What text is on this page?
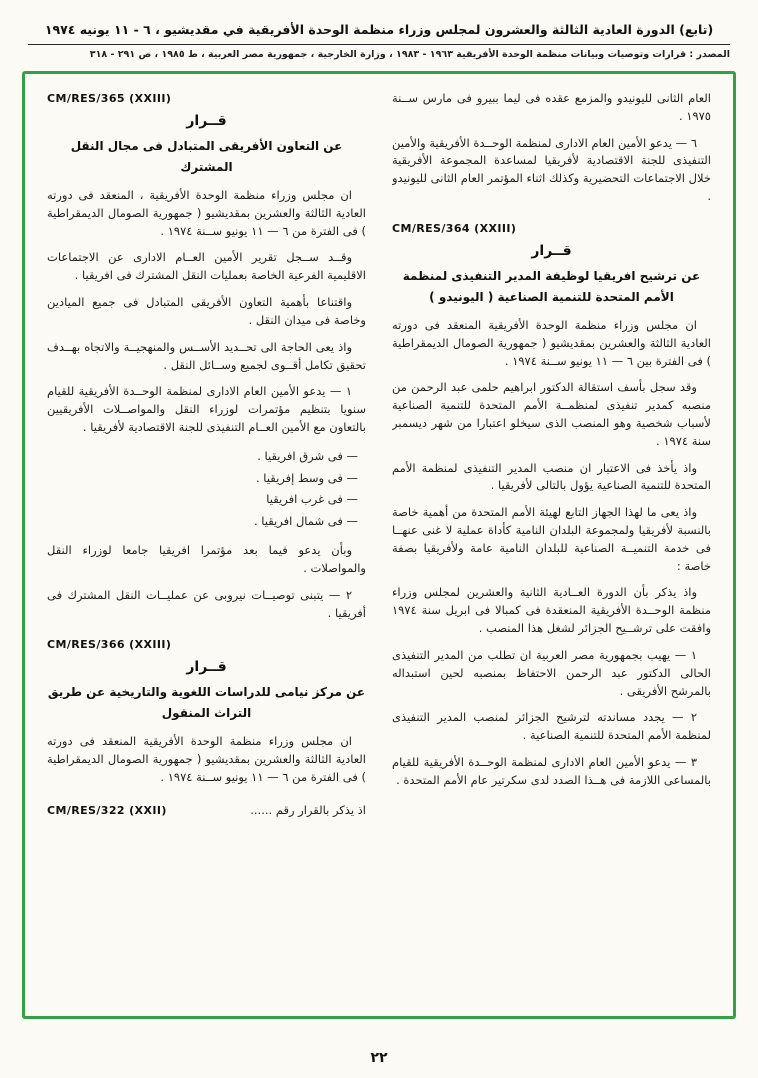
(تابع) الدورة العادية الثالثة والعشرون لمجلس وزراء منظمة الوحدة الأفريقية في مقديشيو ، ٦ - ١١ يونيه ١٩٧٤
المصدر : قرارات وتوصيات وبيانات منظمة الوحدة الأفريقية ١٩٦٣ - ١٩٨٣ ، وزارة الخارجية ، جمهورية مصر العربية ، ط ١٩٨٥ ، ص ٢٩١ - ٣١٨

العام الثانى لليونيدو والمزمع عقده فى ليما ببيرو فى مارس ســنة ١٩٧٥ .

٦ — يدعو الأمين العام الادارى لمنظمة الوحــدة الأفريقية والأمين التنفيذى للجنة الاقتصادية لأفريقيا لمساعدة المجموعة الأفريقية خلال الاجتماعات التحضيرية وكذلك اثناء المؤتمر العام الثانى لليونيدو .

CM/RES/364 (XXIII)
قــرار
عن ترشيح افريقيا لوظيفة المدير التنفيذى لمنظمة الأمم المتحدة للتنمية الصناعية ( اليونيدو )

ان مجلس وزراء منظمة الوحدة الأفريقية المنعقد فى دورته العادية الثالثة والعشرين بمقديشيو ( جمهورية الصومال الديمقراطية ) فى الفترة بين ٦ — ١١ يونيو ســنة ١٩٧٤ .

وقد سجل بأسف استقالة الدكتور ابراهيم حلمى عبد الرحمن من منصبه كمدير تنفيذى لمنظمــة الأمم المتحدة للتنمية الصناعية لأسباب شخصية وهو المنصب الذى سيخلو اعتبارا من شهر ديسمبر سنة ١٩٧٤ .

واذ يأخذ فى الاعتبار ان منصب المدير التنفيذى لمنظمة الأمم المتحدة للتنمية الصناعية يؤول بالتالى لأفريقيا .

واذ يعى ما لهذا الجهاز التابع لهيئة الأمم المتحدة من أهمية خاصة بالنسبة لأفريقيا ولمجموعة البلدان النامية كأداة عملية لا غنى عنهــا فى خدمة التنميــة الصناعية للبلدان النامية عامة ولأفريقيا بصفة خاصة :

واذ يذكر بأن الدورة العــادية الثانية والعشرين لمجلس وزراء منظمة الوحــدة الأفريقية المنعقدة فى كمبالا فى ابريل سنة ١٩٧٤ وافقت على ترشــيح الجزائر لشغل هذا المنصب .

١ — يهيب بجمهورية مصر العربية ان تطلب من المدير التنفيذى الحالى الدكتور عبد الرحمن الاحتفاظ بمنصبه لحين استبداله بالمرشح الأفريقى .

٢ — يجدد مساندته لترشيح الجزائر لمنصب المدير التنفيذى لمنظمة الأمم المتحدة للتنمية الصناعية .

٣ — يدعو الأمين العام الادارى لمنظمة الوحــدة الأفريقية للقيام بالمساعى اللازمة فى هــذا الصدد لدى سكرتير عام الأمم المتحدة .

CM/RES/365 (XXIII)
قــرار
عن التعاون الأفريقى المتبادل فى مجال النقل المشترك

ان مجلس وزراء منظمة الوحدة الأفريقية ، المنعقد فى دورته العادية الثالثة والعشرين بمقديشيو ( جمهورية الصومال الديمقراطية ) فى الفترة من ٦ — ١١ يونيو ســنة ١٩٧٤ .

وقــد ســجل تقرير الأمين العــام الادارى عن الاجتماعات الاقليمية الفرعية الخاصة بعمليات النقل المشترك فى افريقيا .

واقتناعا بأهمية التعاون الأفريقى المتبادل فى جميع الميادين وخاصة فى ميدان النقل .

واذ يعى الحاجة الى تحــديد الأســس والمنهجيــة والاتجاه بهــدف تحقيق تكامل أقــوى لجميع وســائل النقل .

١ — يدعو الأمين العام الادارى لمنظمة الوحــدة الأفريقية للقيام سنويا بتنظيم مؤتمرات لوزراء النقل والمواصــلات الأفريقيين بالتعاون مع الأمين العــام التنفيذى للجنة الاقتصادية لأفريقيا .

— فى شرق افريقيا .
— فى وسط إفريقيا .
— فى غرب افريقيا
— فى شمال افريقيا .

وبأن يدعو فيما بعد مؤتمرا افريقيا جامعا لوزراء النقل والمواصلات .

٢ — يتبنى توصيــات نيروبى عن عمليــات النقل المشترك فى أفريقيا .

CM/RES/366 (XXIII)
قــرار
عن مركز نيامى للدراسات اللغوية والتاريخية عن طريق التراث المنقول

ان مجلس وزراء منظمة الوحدة الأفريقية المنعقد فى دورته العادية الثالثة والعشرين بمقديشيو ( جمهورية الصومال الديمقراطية ) فى الفترة من ٦ — ١١ يونيو ســنة ١٩٧٤ .

اذ يذكر بالقرار رقم ......
CM/RES/322 (XXII)
٢٢
